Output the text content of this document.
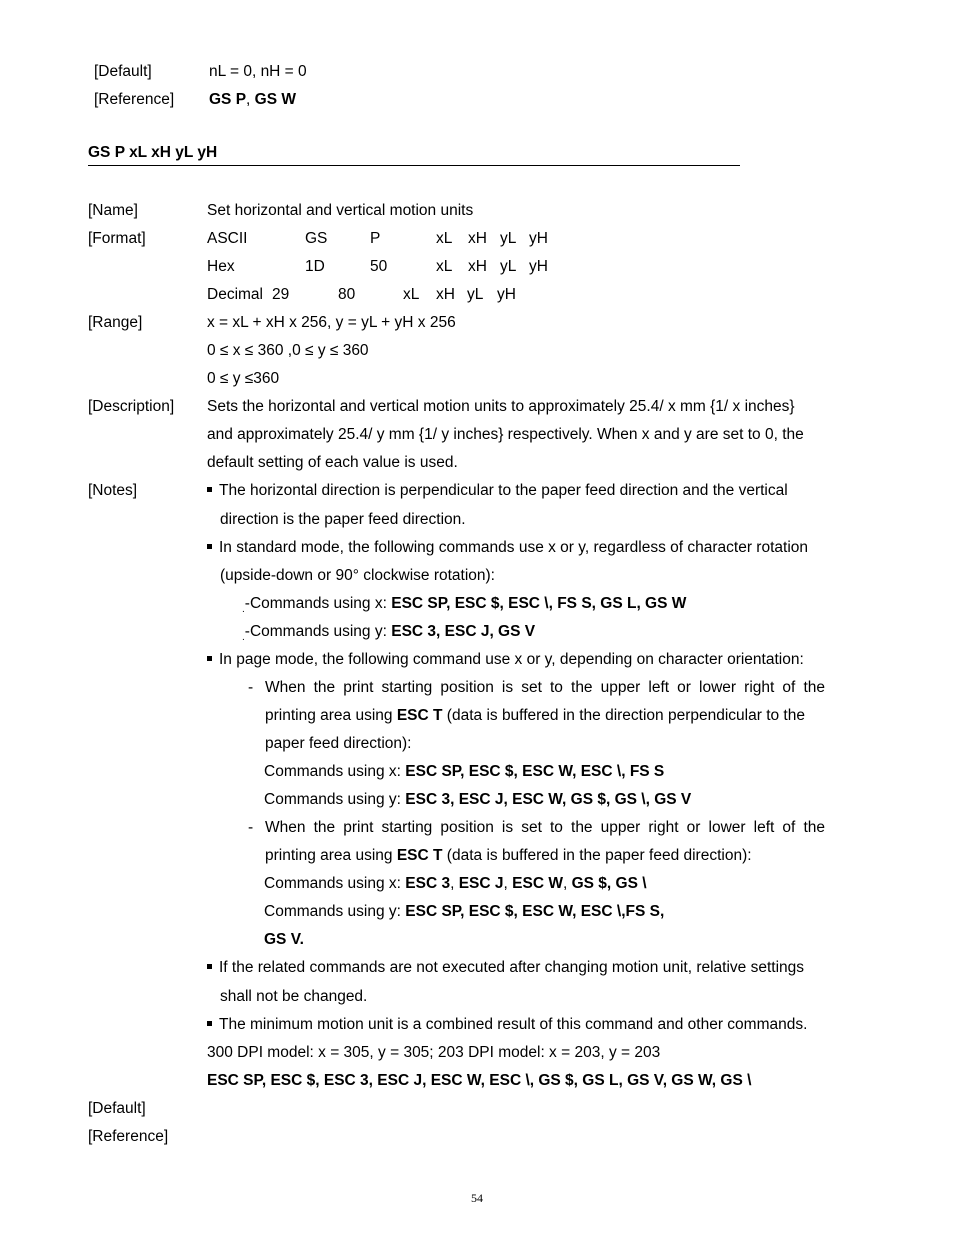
[Default]	nL = 0, nH = 0
[Reference] GS P, GS W
GS P xL xH yL yH
[Name]	Set horizontal and vertical motion units
[Format]	ASCII	GS	P	xL xH yL yH
Hex	1D	50	xL xH yL yH
Decimal 29	80	xL xH yL yH
[Range]	x = xL + xH x 256, y = yL + yH x 256
0 ≤ x ≤ 360 ,0 ≤ y ≤ 360
0 ≤ y ≤360
[Description] Sets the horizontal and vertical motion units to approximately 25.4/ x mm {1/ x inches}
and approximately 25.4/ y mm {1/ y inches} respectively. When x and y are set to 0, the
default setting of each value is used.
[Notes]	The horizontal direction is perpendicular to the paper feed direction and the vertical
direction is the paper feed direction.
In standard mode, the following commands use x or y, regardless of character rotation
(upside-down or 90° clockwise rotation):
$_.$-Commands using x: ESC SP, ESC $, ESC \, FS S, GS L, GS W
$_.$-Commands using y: ESC 3, ESC J, GS V
In page mode, the following command use x or y, depending on character orientation:
- When the print starting position is set to the upper left or lower right of the
printing area using ESC T (data is buffered in the direction perpendicular to the
paper feed direction):
Commands using x: ESC SP, ESC $, ESC W, ESC \, FS S
Commands using y: ESC 3, ESC J, ESC W, GS $, GS \, GS V
- When the print starting position is set to the upper right or lower left of the
printing area using ESC T (data is buffered in the paper feed direction):
Commands using x: ESC 3, ESC J, ESC W, GS $, GS \
Commands using y: ESC SP, ESC $, ESC W, ESC \,FS S,
GS V.
If the related commands are not executed after changing motion unit, relative settings
shall not be changed.
The minimum motion unit is a combined result of this command and other commands.
300 DPI model: x = 305, y = 305; 203 DPI model: x = 203, y = 203
ESC SP, ESC $, ESC 3, ESC J, ESC W, ESC \, GS $, GS L, GS V, GS W, GS \
[Default]
[Reference]
54
